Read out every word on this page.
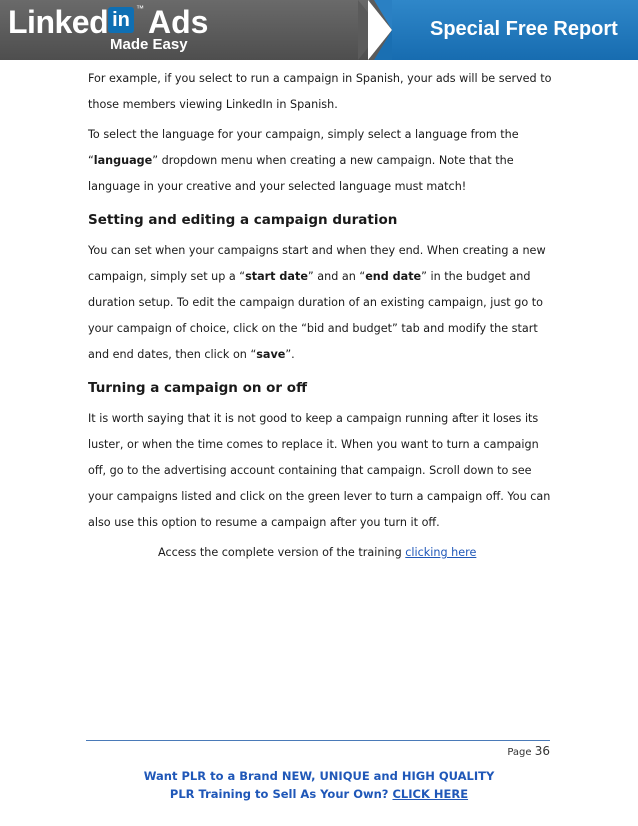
Linked in
™ Ads
Made Easy
Special Free Report

For example, if you select to run a campaign in Spanish, your ads will be served to those members viewing LinkedIn in Spanish.

To select the language for your campaign, simply select a language from the “language” dropdown menu when creating a new campaign. Note that the language in your creative and your selected language must match!

Setting and editing a campaign duration

You can set when your campaigns start and when they end. When creating a new campaign, simply set up a “start date” and an “end date” in the budget and duration setup. To edit the campaign duration of an existing campaign, just go to your campaign of choice, click on the “bid and budget” tab and modify the start and end dates, then click on “save”.

Turning a campaign on or off

It is worth saying that it is not good to keep a campaign running after it loses its luster, or when the time comes to replace it. When you want to turn a campaign off, go to the advertising account containing that campaign. Scroll down to see your campaigns listed and click on the green lever to turn a campaign off. You can also use this option to resume a campaign after you turn it off.

Access the complete version of the training clicking here

Page 36
Want PLR to a Brand NEW, UNIQUE and HIGH QUALITY
PLR Training to Sell As Your Own? CLICK HERE
